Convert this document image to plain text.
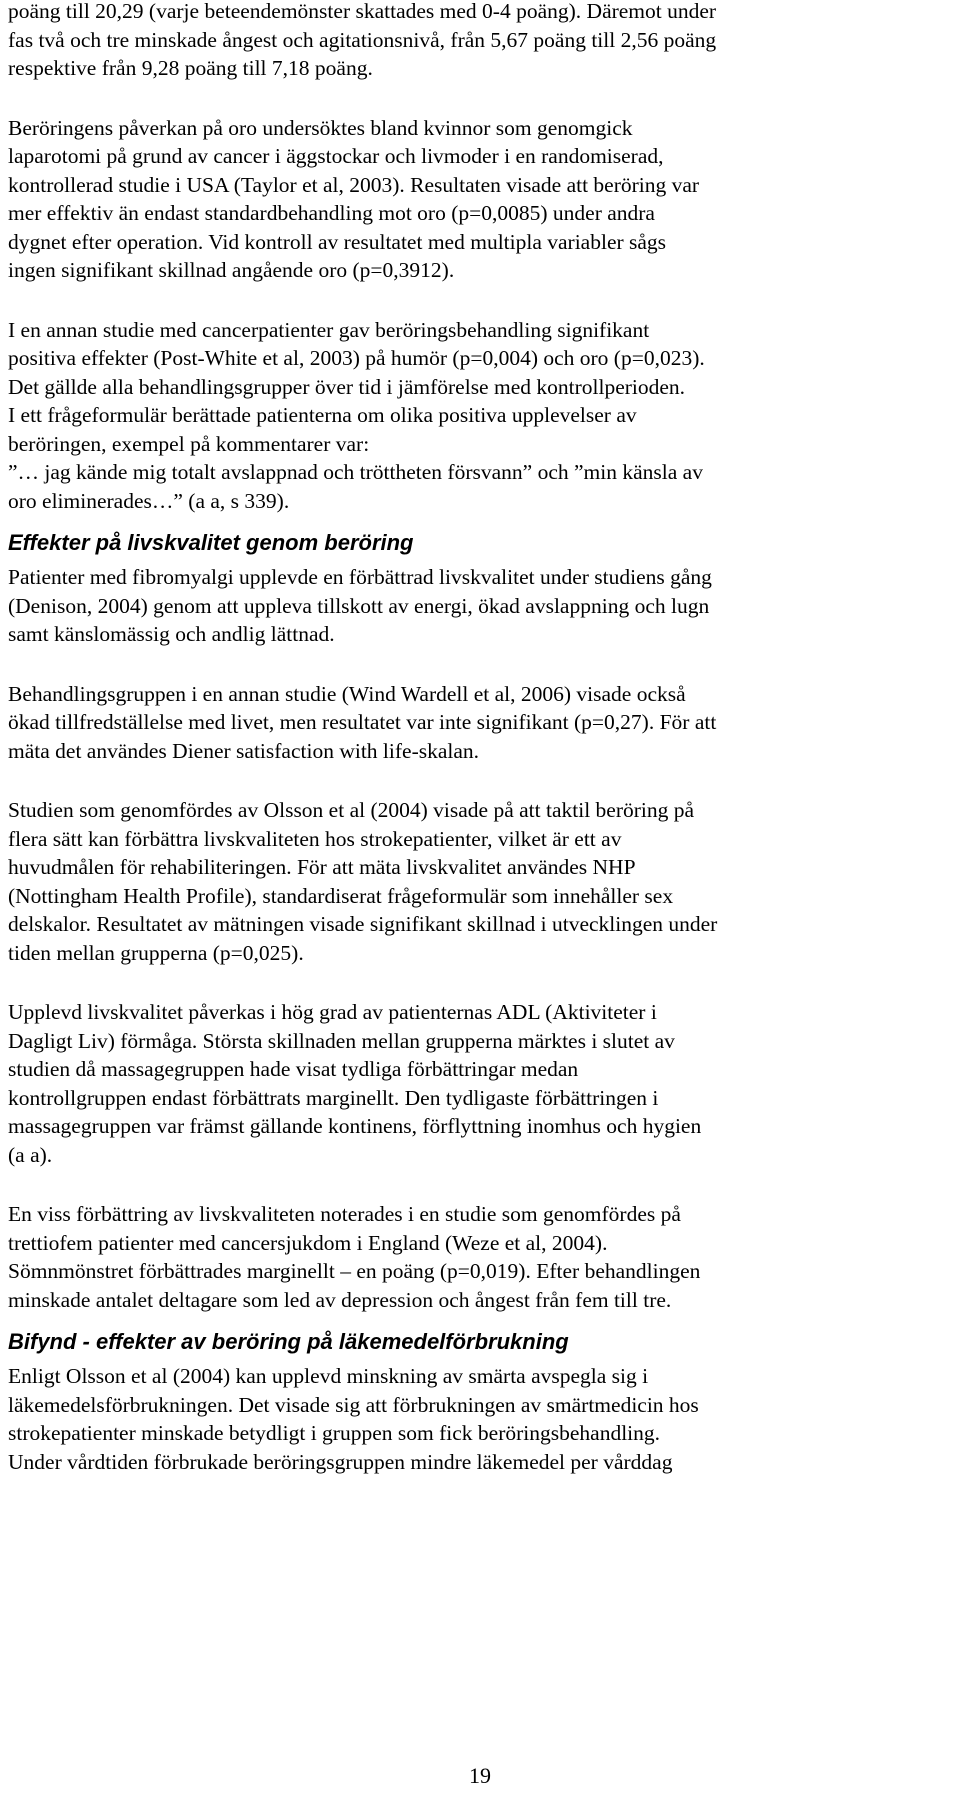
poäng till 20,29 (varje beteendemönster skattades med 0-4 poäng). Däremot under
fas två och tre minskade ångest och agitationsnivå, från 5,67 poäng till 2,56 poäng
respektive från 9,28 poäng till 7,18 poäng.

Beröringens påverkan på oro undersöktes bland kvinnor som genomgick
laparotomi på grund av cancer i äggstockar och livmoder i en randomiserad,
kontrollerad studie i USA (Taylor et al, 2003). Resultaten visade att beröring var
mer effektiv än endast standardbehandling mot oro (p=0,0085) under andra
dygnet efter operation. Vid kontroll av resultatet med multipla variabler sågs
ingen signifikant skillnad angående oro (p=0,3912).

I en annan studie med cancerpatienter gav beröringsbehandling signifikant
positiva effekter (Post-White et al, 2003) på humör (p=0,004) och oro (p=0,023).
Det gällde alla behandlingsgrupper över tid i jämförelse med kontrollperioden.
I ett frågeformulär berättade patienterna om olika positiva upplevelser av
beröringen, exempel på kommentarer var:
”… jag kände mig totalt avslappnad och tröttheten försvann” och ”min känsla av
oro eliminerades…” (a a, s 339).

Effekter på livskvalitet genom beröring

Patienter med fibromyalgi upplevde en förbättrad livskvalitet under studiens gång
(Denison, 2004) genom att uppleva tillskott av energi, ökad avslappning och lugn
samt känslomässig och andlig lättnad.

Behandlingsgruppen i en annan studie (Wind Wardell et al, 2006) visade också
ökad tillfredställelse med livet, men resultatet var inte signifikant (p=0,27). För att
mäta det användes Diener satisfaction with life-skalan.

Studien som genomfördes av Olsson et al (2004) visade på att taktil beröring på
flera sätt kan förbättra livskvaliteten hos strokepatienter, vilket är ett av
huvudmålen för rehabiliteringen. För att mäta livskvalitet användes NHP
(Nottingham Health Profile), standardiserat frågeformulär som innehåller sex
delskalor. Resultatet av mätningen visade signifikant skillnad i utvecklingen under
tiden mellan grupperna (p=0,025).

Upplevd livskvalitet påverkas i hög grad av patienternas ADL (Aktiviteter i
Dagligt Liv) förmåga. Största skillnaden mellan grupperna märktes i slutet av
studien då massagegruppen hade visat tydliga förbättringar medan
kontrollgruppen endast förbättrats marginellt. Den tydligaste förbättringen i
massagegruppen var främst gällande kontinens, förflyttning inomhus och hygien
(a a).

En viss förbättring av livskvaliteten noterades i en studie som genomfördes på
trettiofem patienter med cancersjukdom i England (Weze et al, 2004).
Sömnmönstret förbättrades marginellt – en poäng (p=0,019). Efter behandlingen
minskade antalet deltagare som led av depression och ångest från fem till tre.

Bifynd - effekter av beröring på läkemedelförbrukning

Enligt Olsson et al (2004) kan upplevd minskning av smärta avspegla sig i
läkemedelsförbrukningen. Det visade sig att förbrukningen av smärtmedicin hos
strokepatienter minskade betydligt i gruppen som fick beröringsbehandling.
Under vårdtiden förbrukade beröringsgruppen mindre läkemedel per vårddag

19
